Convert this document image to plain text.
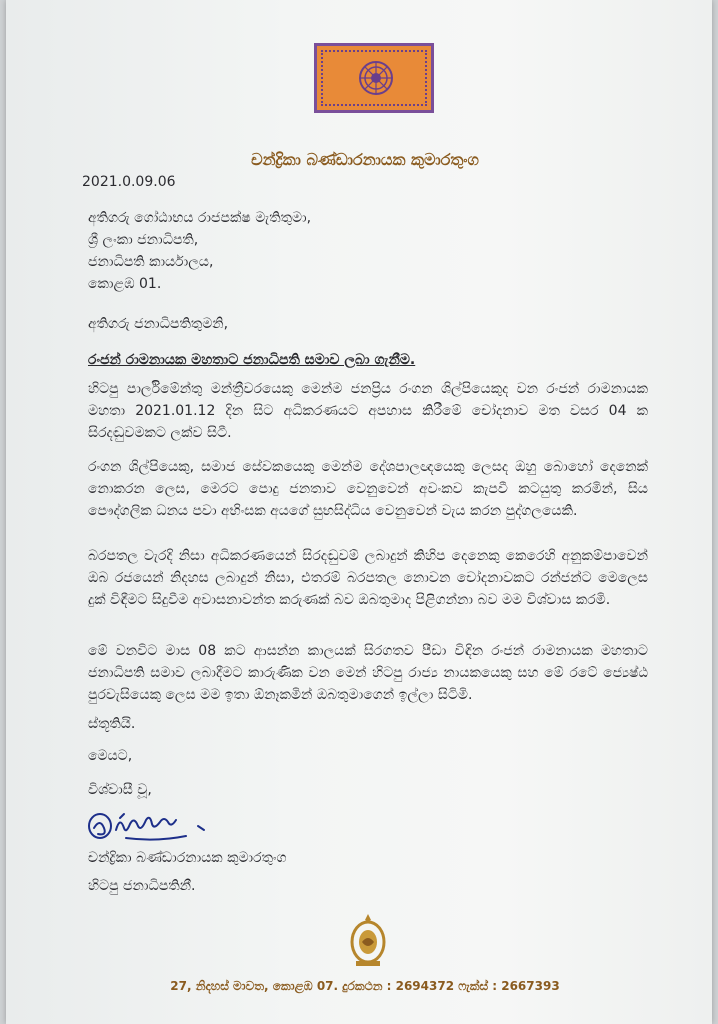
චන්ද්‍රිකා බණ්ඩාරනායක කුමාරතුංග
2021.0.09.06
අතිගරු ගෝඨාභය රාජපක්ෂ මැතිතුමා,
ශ්‍රී ලංකා ජනාධිපති,
ජනාධිපති කාර්යාලය,
කොළඹ 01.
අතිගරු ජනාධිපතිතුමනි,
රංජන් රාමනායක මහතාට ජනාධිපති සමාව ලබා ගැනීම.
හිටපු පාර්ලිමේන්තු මන්ත්‍රීවරයෙකු මෙන්ම ජනප්‍රිය රංගන ශිල්පියෙකුද වන රංජන් රාමනායක මහතා 2021.01.12 දින සිට අධිකරණයට අපහාස කිරීමේ චෝදනාව මත වසර 04 ක සිරදඬුවමකට ලක්ව සිටී.
රංගන ශිල්පියෙකු, සමාජ සේවකයෙකු මෙන්ම දේශපාලඥයෙකු ලෙසද ඔහු බොහෝ දෙනෙක් නොකරන ලෙස, මෙරට පොදු ජනතාව වෙනුවෙන් අවංකව කැපවී කටයුතු කරමින්, සිය පෞද්ගලික ධනය පවා අභිංසක අයගේ සුභසිද්ධිය වෙනුවෙන් වැය කරන පුද්ගලයෙකි.
බරපතල වැරදි නිසා අධිකරණයෙන් සිරදඬුවම් ලබාදුන් කිහිප දෙනෙකු කෙරෙහි අනුකම්පාවෙන් ඔබ රජයෙන් නිදහස ලබාදුන් නිසා, එතරම් බරපතල නොවන චෝදනාවකට රන්ජන්ට මෙලෙස දුක් විඳීමට සිදුවීම අවාසනාවන්ත කරුණක් බව ඔබතුමාද පිළිගන්නා බව මම විශ්වාස කරමි.
මේ වනවිට මාස 08 කට ආසන්න කාලයක් සිරගතව පීඩා විඳින රංජන් රාමනායක මහතාට ජනාධිපති සමාව ලබාදීමට කාරුණික වන මෙන් හිටපු රාජ්‍ය නායකයෙකු සහ මේ රටේ ජ්‍යෙෂ්ඨ පුරවැසියෙකු ලෙස මම ඉතා ඕනෑකමින් ඔබතුමාගෙන් ඉල්ලා සිටිමි.
ස්තූතියි.
මෙයට,
විශ්වාසී වූ,
චන්ද්‍රිකා බණ්ඩාරනායක කුමාරතුංග
හිටපු ජනාධිපතිනී.
27, නිදහස් මාවත, කොළඹ 07. දුරකථන : 2694372 ෆැක්ස් : 2667393
